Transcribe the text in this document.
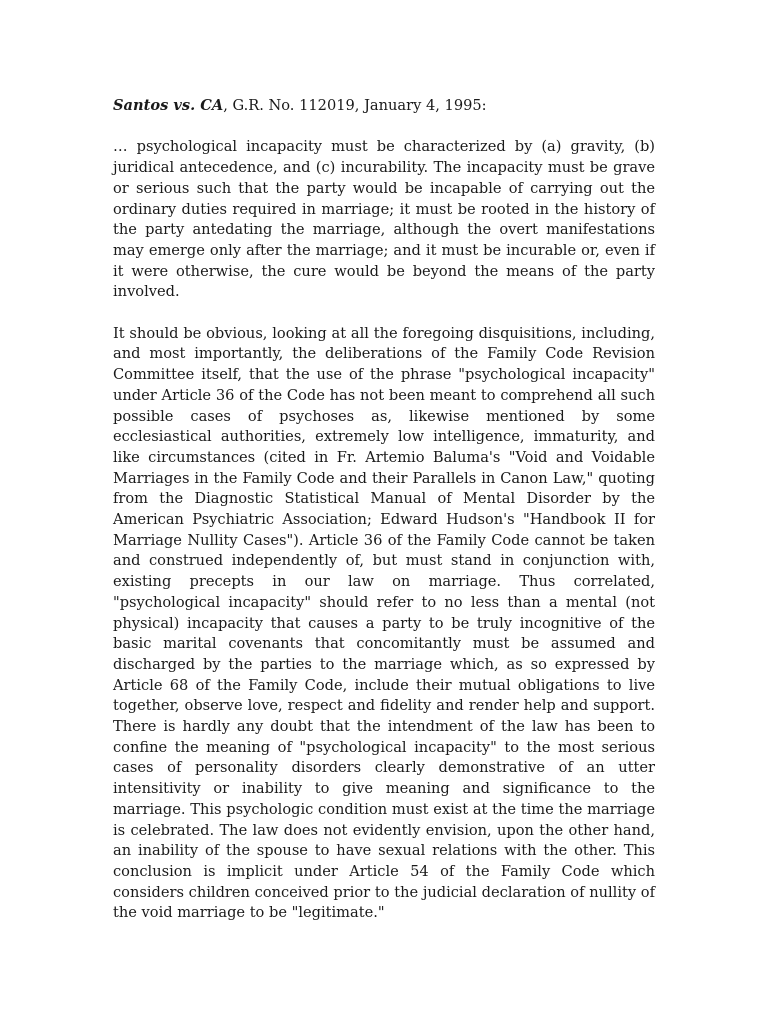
Santos vs. CA, G.R. No. 112019, January 4, 1995:

… psychological incapacity must be characterized by (a) gravity, (b) juridical antecedence, and (c) incurability. The incapacity must be grave or serious such that the party would be incapable of carrying out the ordinary duties required in marriage; it must be rooted in the history of the party antedating the marriage, although the overt manifestations may emerge only after the marriage; and it must be incurable or, even if it were otherwise, the cure would be beyond the means of the party involved.

It should be obvious, looking at all the foregoing disquisitions, including, and most importantly, the deliberations of the Family Code Revision Committee itself, that the use of the phrase "psychological incapacity" under Article 36 of the Code has not been meant to comprehend all such possible cases of psychoses as, likewise mentioned by some ecclesiastical authorities, extremely low intelligence, immaturity, and like circumstances (cited in Fr. Artemio Baluma's "Void and Voidable Marriages in the Family Code and their Parallels in Canon Law," quoting from the Diagnostic Statistical Manual of Mental Disorder by the American Psychiatric Association; Edward Hudson's "Handbook II for Marriage Nullity Cases"). Article 36 of the Family Code cannot be taken and construed independently of, but must stand in conjunction with, existing precepts in our law on marriage. Thus correlated, "psychological incapacity" should refer to no less than a mental (not physical) incapacity that causes a party to be truly incognitive of the basic marital covenants that concomitantly must be assumed and discharged by the parties to the marriage which, as so expressed by Article 68 of the Family Code, include their mutual obligations to live together, observe love, respect and fidelity and render help and support. There is hardly any doubt that the intendment of the law has been to confine the meaning of "psychological incapacity" to the most serious cases of personality disorders clearly demonstrative of an utter intensitivity or inability to give meaning and significance to the marriage. This psychologic condition must exist at the time the marriage is celebrated. The law does not evidently envision, upon the other hand, an inability of the spouse to have sexual relations with the other. This conclusion is implicit under Article 54 of the Family Code which considers children conceived prior to the judicial declaration of nullity of the void marriage to be "legitimate."
